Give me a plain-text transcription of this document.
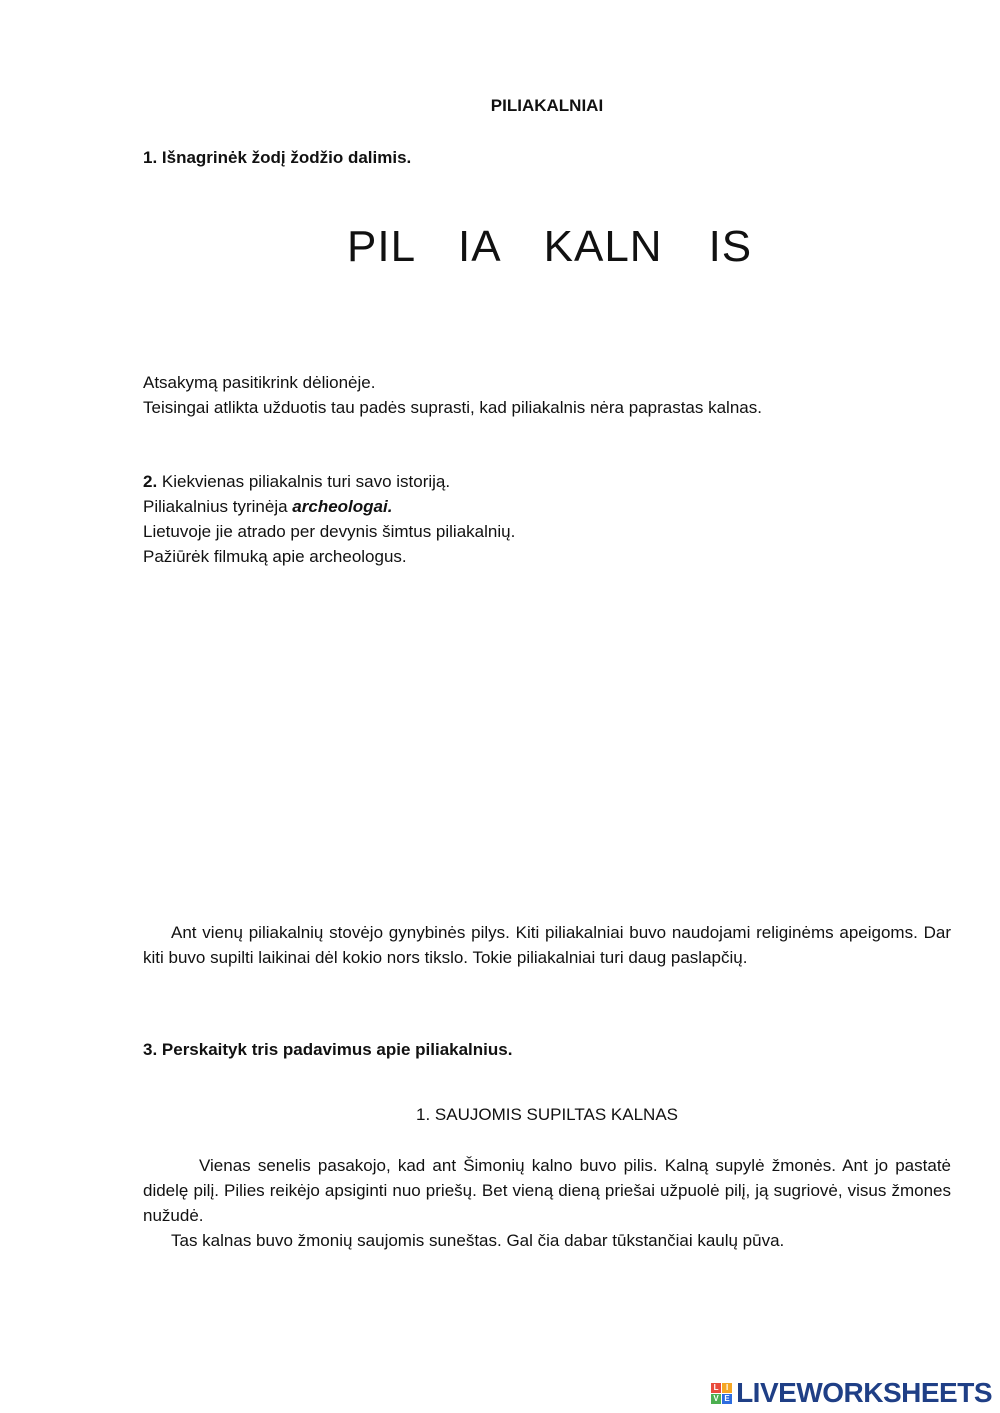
PILIAKALNIAI
1. Išnagrinėk žodį žodžio dalimis.
PIL IA KALN IS
Atsakymą pasitikrink dėlionėje.
Teisingai atlikta užduotis tau padės suprasti, kad piliakalnis nėra paprastas kalnas.
2. Kiekvienas piliakalnis turi savo istoriją.
Piliakalnius tyrinėja archeologai.
Lietuvoje jie atrado per devynis šimtus piliakalnių.
Pažiūrėk filmuką apie archeologus.
Ant vienų piliakalnių stovėjo gynybinės pilys. Kiti piliakalniai buvo naudojami religinėms apeigoms. Dar kiti buvo supilti laikinai dėl kokio nors tikslo. Tokie piliakalniai turi daug paslapčių.
3. Perskaityk tris padavimus apie piliakalnius.
1. SAUJOMIS SUPILTAS KALNAS
Vienas senelis pasakojo, kad ant Šimonių kalno buvo pilis. Kalną supylė žmonės. Ant jo pastatė didelę pilį. Pilies reikėjo apsiginti nuo priešų. Bet vieną dieną priešai užpuolė pilį, ją sugriovė, visus žmones nužudė.
Tas kalnas buvo žmonių saujomis suneštas. Gal čia dabar tūkstančiai kaulų pūva.
L I
V E LIVEWORKSHEETS
